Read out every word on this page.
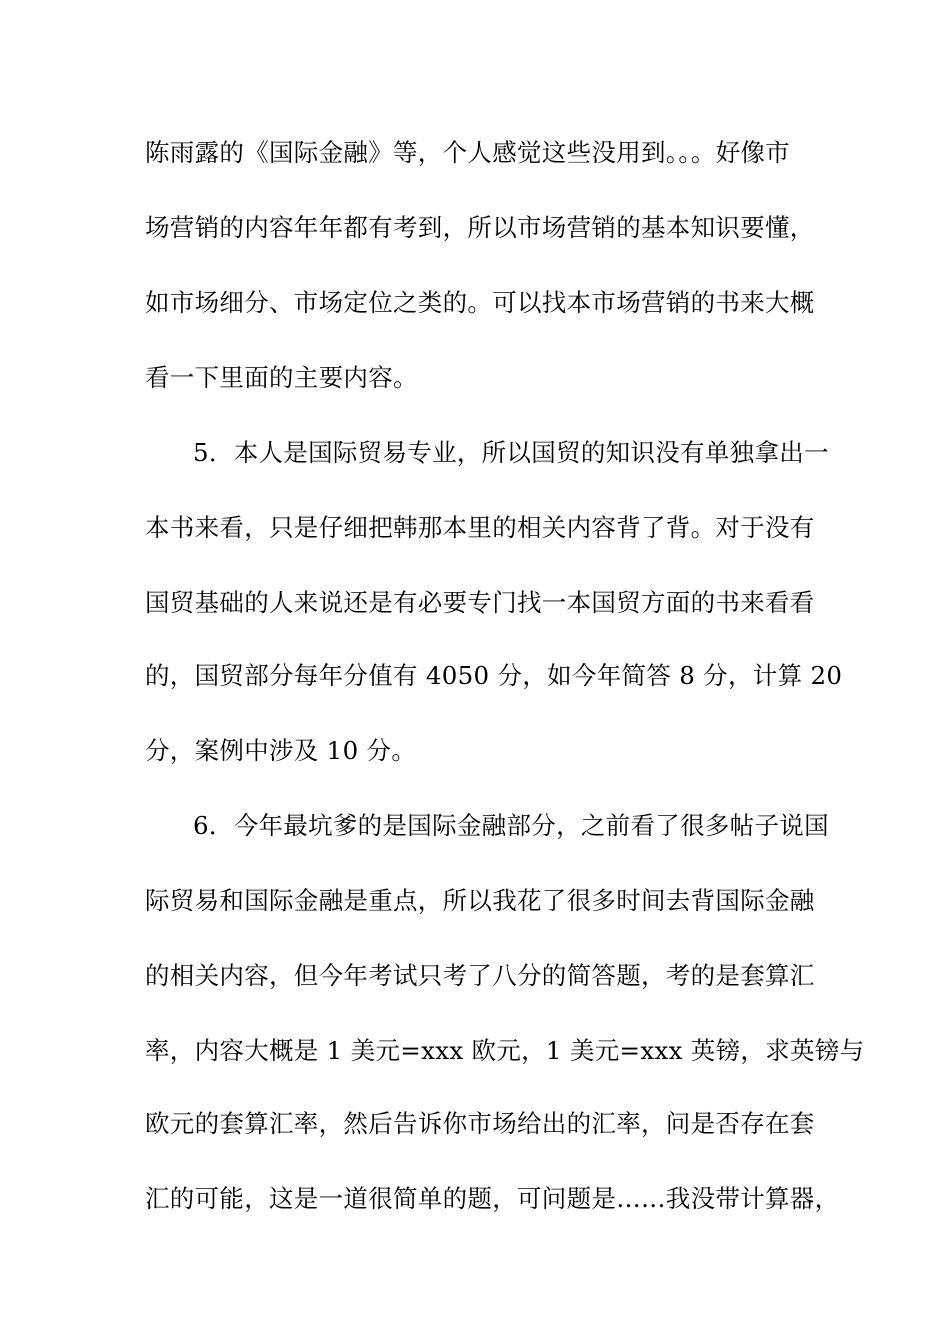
陈雨露的《国际金融》等，个人感觉这些没用到。。。好像市
场营销的内容年年都有考到，所以市场营销的基本知识要懂，
如市场细分、市场定位之类的。可以找本市场营销的书来大概
看一下里面的主要内容。
5．本人是国际贸易专业，所以国贸的知识没有单独拿出一
本书来看，只是仔细把韩那本里的相关内容背了背。对于没有
国贸基础的人来说还是有必要专门找一本国贸方面的书来看看
的，国贸部分每年分值有 4050 分，如今年简答 8 分，计算 20
分，案例中涉及 10 分。
6．今年最坑爹的是国际金融部分，之前看了很多帖子说国
际贸易和国际金融是重点，所以我花了很多时间去背国际金融
的相关内容，但今年考试只考了八分的简答题，考的是套算汇
率，内容大概是 1 美元=xxx 欧元，1 美元=xxx 英镑，求英镑与
欧元的套算汇率，然后告诉你市场给出的汇率，问是否存在套
汇的可能，这是一道很简单的题，可问题是……我没带计算器，
